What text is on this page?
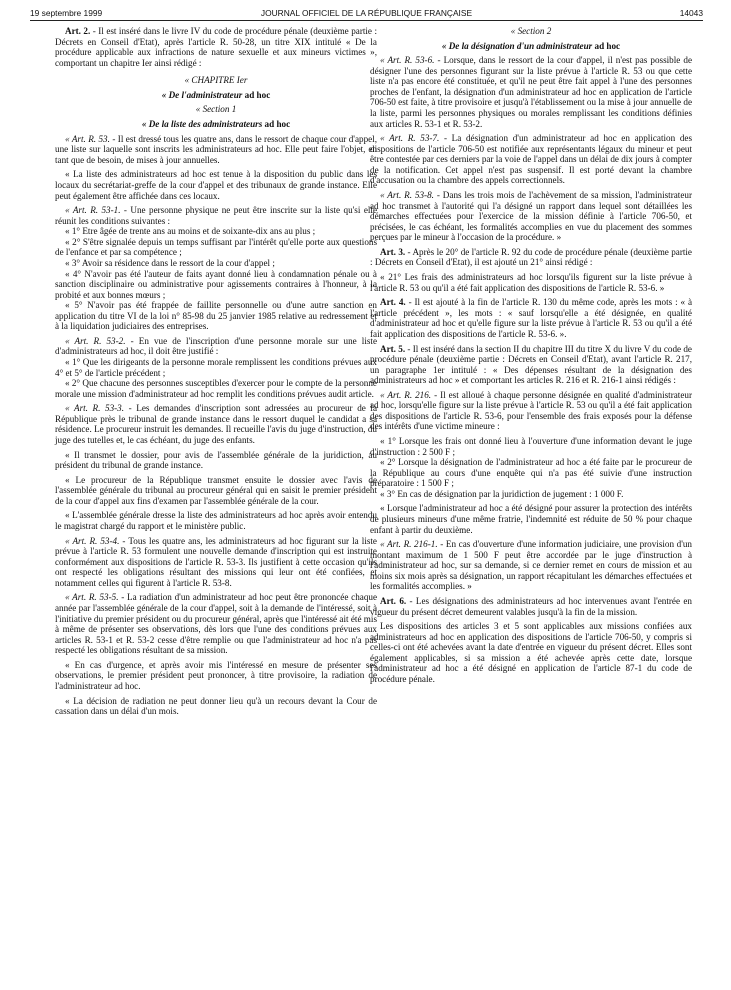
19 septembre 1999	JOURNAL OFFICIEL DE LA RÉPUBLIQUE FRANÇAISE	14043

Art. 2. - Il est inséré dans le livre IV du code de procédure pénale (deuxième partie : Décrets en Conseil d'Etat), après l'article R. 50-28, un titre XIX intitulé « De la procédure applicable aux infractions de nature sexuelle et aux mineurs victimes », comportant un chapitre Ier ainsi rédigé :

« CHAPITRE Ier

« De l'administrateur ad hoc

« Section 1

« De la liste des administrateurs ad hoc

« Art. R. 53. - Il est dressé tous les quatre ans, dans le ressort de chaque cour d'appel, une liste sur laquelle sont inscrits les administrateurs ad hoc. Elle peut faire l'objet, en tant que de besoin, de mises à jour annuelles.

« La liste des administrateurs ad hoc est tenue à la disposition du public dans les locaux du secrétariat-greffe de la cour d'appel et des tribunaux de grande instance. Elle peut également être affichée dans ces locaux.

« Art. R. 53-1. - Une personne physique ne peut être inscrite sur la liste qu'si elle réunit les conditions suivantes :

« 1° Etre âgée de trente ans au moins et de soixante-dix ans au plus ;

« 2° S'être signalée depuis un temps suffisant par l'intérêt qu'elle porte aux questions de l'enfance et par sa compétence ;

« 3° Avoir sa résidence dans le ressort de la cour d'appel ;

« 4° N'avoir pas été l'auteur de faits ayant donné lieu à condamnation pénale ou à sanction disciplinaire ou administrative pour agissements contraires à l'honneur, à la probité et aux bonnes mœurs ;

« 5° N'avoir pas été frappée de faillite personnelle ou d'une autre sanction en application du titre VI de la loi n° 85-98 du 25 janvier 1985 relative au redressement et à la liquidation judiciaires des entreprises.

« Art. R. 53-2. - En vue de l'inscription d'une personne morale sur une liste d'administrateurs ad hoc, il doit être justifié :

« 1° Que les dirigeants de la personne morale remplissent les conditions prévues aux 4° et 5° de l'article précédent ;

« 2° Que chacune des personnes susceptibles d'exercer pour le compte de la personne morale une mission d'administrateur ad hoc remplit les conditions prévues audit article.

« Art. R. 53-3. - Les demandes d'inscription sont adressées au procureur de la République près le tribunal de grande instance dans le ressort duquel le candidat a sa résidence. Le procureur instruit les demandes. Il recueille l'avis du juge d'instruction, du juge des tutelles et, le cas échéant, du juge des enfants.

« Il transmet le dossier, pour avis de l'assemblée générale de la juridiction, au président du tribunal de grande instance.

« Le procureur de la République transmet ensuite le dossier avec l'avis de l'assemblée générale du tribunal au procureur général qui en saisit le premier président de la cour d'appel aux fins d'examen par l'assemblée générale de la cour.

« L'assemblée générale dresse la liste des administrateurs ad hoc après avoir entendu le magistrat chargé du rapport et le ministère public.

« Art. R. 53-4. - Tous les quatre ans, les administrateurs ad hoc figurant sur la liste prévue à l'article R. 53 formulent une nouvelle demande d'inscription qui est instruite conformément aux dispositions de l'article R. 53-3. Ils justifient à cette occasion qu'ils ont respecté les obligations résultant des missions qui leur ont été confiées, et notamment celles qui figurent à l'article R. 53-8.

« Art. R. 53-5. - La radiation d'un administrateur ad hoc peut être prononcée chaque année par l'assemblée générale de la cour d'appel, soit à la demande de l'intéressé, soit à l'initiative du premier président ou du procureur général, après que l'intéressé ait été mis à même de présenter ses observations, dès lors que l'une des conditions prévues aux articles R. 53-1 et R. 53-2 cesse d'être remplie ou que l'administrateur ad hoc n'a pas respecté les obligations résultant de sa mission.

« En cas d'urgence, et après avoir mis l'intéressé en mesure de présenter ses observations, le premier président peut prononcer, à titre provisoire, la radiation de l'administrateur ad hoc.

« La décision de radiation ne peut donner lieu qu'à un recours devant la Cour de cassation dans un délai d'un mois.

« Section 2

« De la désignation d'un administrateur ad hoc

« Art. R. 53-6. - Lorsque, dans le ressort de la cour d'appel, il n'est pas possible de désigner l'une des personnes figurant sur la liste prévue à l'article R. 53 ou que cette liste n'a pas encore été constituée, et qu'il ne peut être fait appel à l'une des personnes proches de l'enfant, la désignation d'un administrateur ad hoc en application de l'article 706-50 est faite, à titre provisoire et jusqu'à l'établissement ou la mise à jour annuelle de la liste, parmi les personnes physiques ou morales remplissant les conditions définies aux articles R. 53-1 et R. 53-2.

« Art. R. 53-7. - La désignation d'un administrateur ad hoc en application des dispositions de l'article 706-50 est notifiée aux représentants légaux du mineur et peut être contestée par ces derniers par la voie de l'appel dans un délai de dix jours à compter de la notification. Cet appel n'est pas suspensif. Il est porté devant la chambre d'accusation ou la chambre des appels correctionnels.

« Art. R. 53-8. - Dans les trois mois de l'achèvement de sa mission, l'administrateur ad hoc transmet à l'autorité qui l'a désigné un rapport dans lequel sont détaillées les démarches effectuées pour l'exercice de la mission définie à l'article 706-50, et précisées, le cas échéant, les formalités accomplies en vue du placement des sommes perçues par le mineur à l'occasion de la procédure. »

Art. 3. - Après le 20° de l'article R. 92 du code de procédure pénale (deuxième partie : Décrets en Conseil d'Etat), il est ajouté un 21° ainsi rédigé :

« 21° Les frais des administrateurs ad hoc lorsqu'ils figurent sur la liste prévue à l'article R. 53 ou qu'il a été fait application des dispositions de l'article R. 53-6. »

Art. 4. - Il est ajouté à la fin de l'article R. 130 du même code, après les mots : « à l'article précédent », les mots : « sauf lorsqu'elle a été désignée, en qualité d'administrateur ad hoc et qu'elle figure sur la liste prévue à l'article R. 53 ou qu'il a été fait application des dispositions de l'article R. 53-6. ».

Art. 5. - Il est inséré dans la section II du chapitre III du titre X du livre V du code de procédure pénale (deuxième partie : Décrets en Conseil d'Etat), avant l'article R. 217, un paragraphe 1er intitulé : « Des dépenses résultant de la désignation des administrateurs ad hoc » et comportant les articles R. 216 et R. 216-1 ainsi rédigés :

« Art. R. 216. - Il est alloué à chaque personne désignée en qualité d'administrateur ad hoc, lorsqu'elle figure sur la liste prévue à l'article R. 53 ou qu'il a été fait application des dispositions de l'article R. 53-6, pour l'ensemble des frais exposés pour la défense des intérêts d'une victime mineure :

« 1° Lorsque les frais ont donné lieu à l'ouverture d'une information devant le juge d'instruction : 2 500 F ;

« 2° Lorsque la désignation de l'administrateur ad hoc a été faite par le procureur de la République au cours d'une enquête qui n'a pas été suivie d'une instruction préparatoire : 1 500 F ;

« 3° En cas de désignation par la juridiction de jugement : 1 000 F.

« Lorsque l'administrateur ad hoc a été désigné pour assurer la protection des intérêts de plusieurs mineurs d'une même fratrie, l'indemnité est réduite de 50 % pour chaque enfant à partir du deuxième.

« Art. R. 216-1. - En cas d'ouverture d'une information judiciaire, une provision d'un montant maximum de 1 500 F peut être accordée par le juge d'instruction à l'administrateur ad hoc, sur sa demande, si ce dernier remet en cours de mission et au moins six mois après sa désignation, un rapport récapitulant les démarches effectuées et les formalités accomplies. »

Art. 6. - Les désignations des administrateurs ad hoc intervenues avant l'entrée en vigueur du présent décret demeurent valables jusqu'à la fin de la mission.

Les dispositions des articles 3 et 5 sont applicables aux missions confiées aux administrateurs ad hoc en application des dispositions de l'article 706-50, y compris si celles-ci ont été achevées avant la date d'entrée en vigueur du présent décret. Elles sont également applicables, si sa mission a été achevée après cette date, lorsque l'administrateur ad hoc a été désigné en application de l'article 87-1 du code de procédure pénale.
